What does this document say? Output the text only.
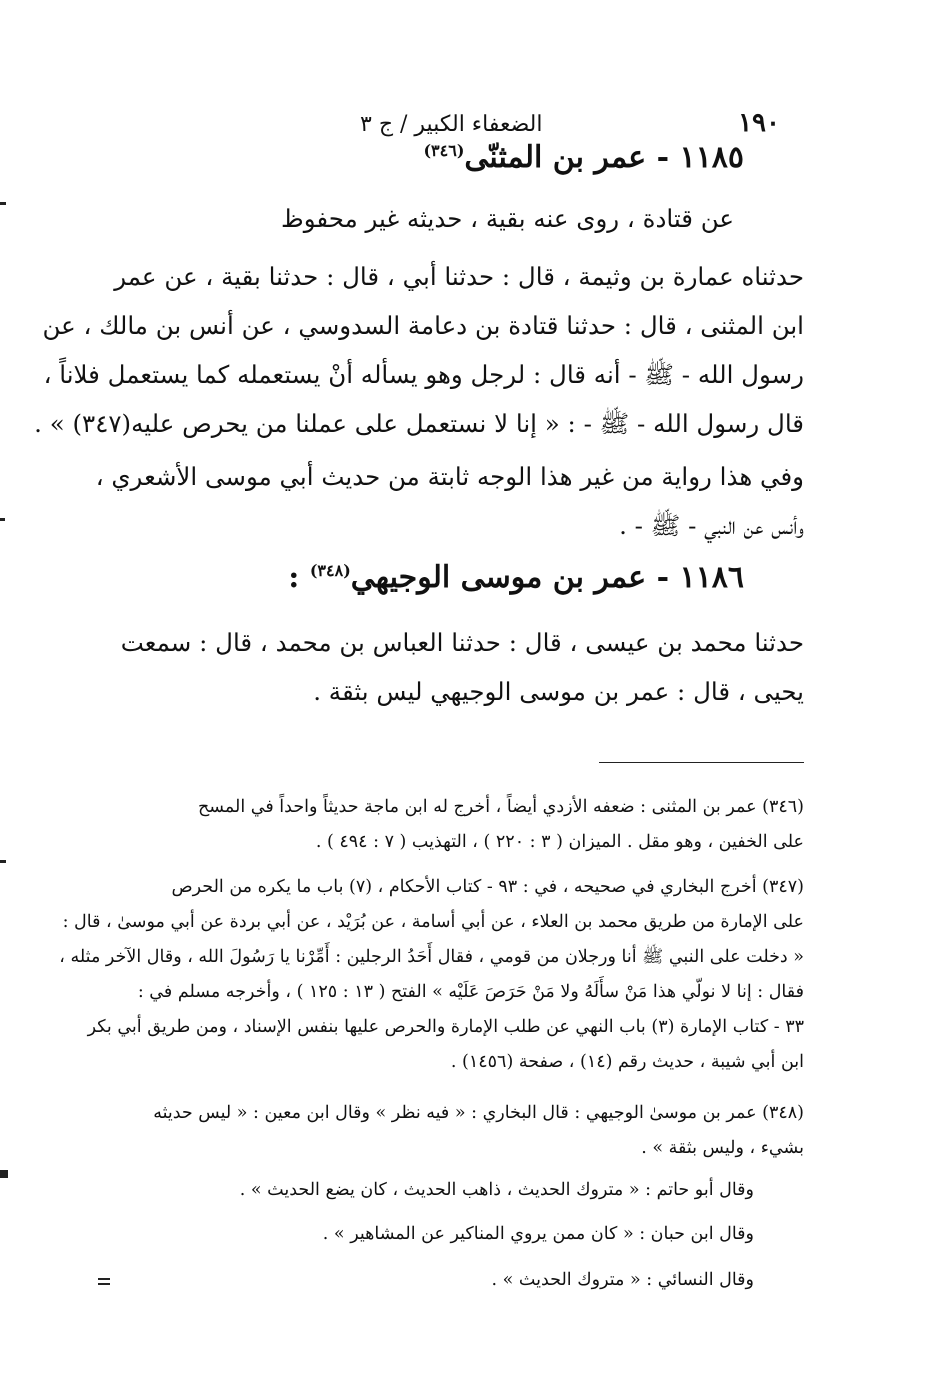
١٩٠
الضعفاء الكبير / ج ٣
١١٨٥ - عمر بن المثنّى$^{(٣٤٦)}$
عن قتادة ، روى عنه بقية ، حديثه غير محفوظ
حدثناه عمارة بن وثيمة ، قال : حدثنا أبي ، قال : حدثنا بقية ، عن عمر
ابن المثنى ، قال : حدثنا قتادة بن دعامة السدوسي ، عن أنس بن مالك ، عن
رسول الله - ﷺ - أنه قال : لرجل وهو يسأله أنْ يستعمله كما يستعمل فلاناً ،
قال رسول الله - ﷺ - : « إنا لا نستعمل على عملنا من يحرص عليه(٣٤٧) » .
وفي هذا رواية من غير هذا الوجه ثابتة من حديث أبي موسى الأشعري ،
وأنس عن النبي - ﷺ - .
١١٨٦ - عمر بن موسى الوجيهي$^{(٣٤٨)}$ :
حدثنا محمد بن عيسى ، قال : حدثنا العباس بن محمد ، قال : سمعت
يحيى ، قال : عمر بن موسى الوجيهي ليس بثقة .
(٣٤٦) عمر بن المثنى : ضعفه الأزدي أيضاً ، أخرج له ابن ماجة حديثاً واحداً في المسح
على الخفين ، وهو مقل . الميزان ( ٣ : ٢٢٠ ) ، التهذيب ( ٧ : ٤٩٤ ) .
(٣٤٧) أخرج البخاري في صحيحه ، في : ٩٣ - كتاب الأحكام ، (٧) باب ما يكره من الحرص
على الإمارة من طريق محمد بن العلاء ، عن أبي أسامة ، عن بُرَيْد ، عن أبي بردة عن أبي موسىٰ ، قال :
« دخلت على النبي ﷺ أنا ورجلان من قومي ، فقال أَحَدُ الرجلين : أَمِّرْنا يا رَسُولَ الله ، وقال الآخر مثله ،
فقال : إنا لا نولّي هذا مَنْ سأَلَهُ ولا مَنْ حَرَصَ عَلَيْه » الفتح ( ١٣ : ١٢٥ ) ، وأخرجه مسلم في :
٣٣ - كتاب الإمارة (٣) باب النهي عن طلب الإمارة والحرص عليها بنفس الإسناد ، ومن طريق أبي بكر
ابن أبي شيبة ، حديث رقم (١٤) ، صفحة (١٤٥٦) .
(٣٤٨) عمر بن موسىٰ الوجيهي : قال البخاري : « فيه نظر » وقال ابن معين : « ليس حديثه
بشيء ، وليس بثقة » .
وقال أبو حاتم : « متروك الحديث ، ذاهب الحديث ، كان يضع الحديث » .
وقال ابن حبان : « كان ممن يروي المناكير عن المشاهير » .
وقال النسائي : « متروك الحديث » .
